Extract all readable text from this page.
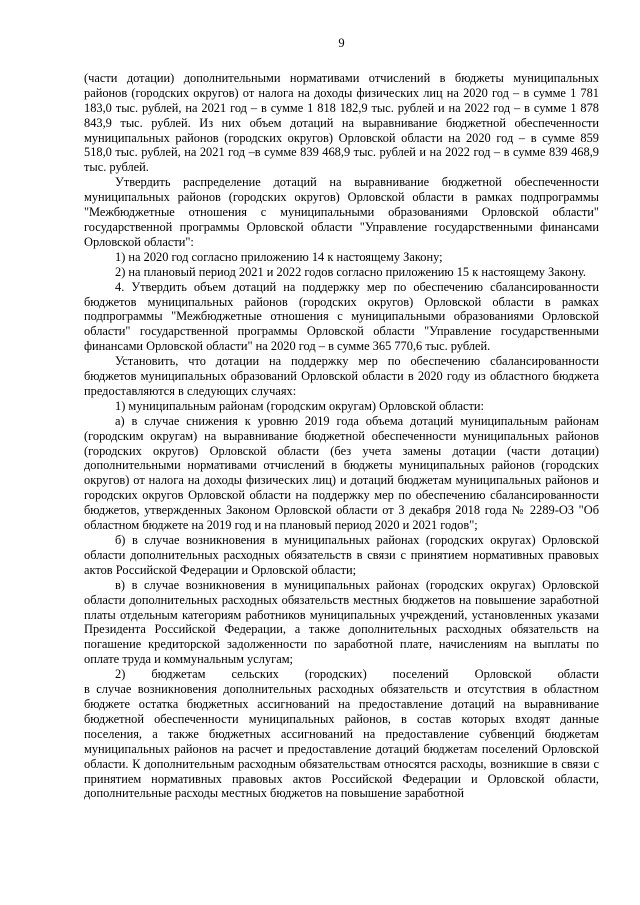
9

(части дотации) дополнительными нормативами отчислений в бюджеты муниципальных районов (городских округов) от налога на доходы физических лиц на 2020 год – в сумме 1 781 183,0 тыс. рублей, на 2021 год – в сумме 1 818 182,9 тыс. рублей и на 2022 год – в сумме 1 878 843,9 тыс. рублей. Из них объем дотаций на выравнивание бюджетной обеспеченности муниципальных районов (городских округов) Орловской области на 2020 год – в сумме 859 518,0 тыс. рублей, на 2021 год –в сумме 839 468,9 тыс. рублей и на 2022 год – в сумме 839 468,9 тыс. рублей.

Утвердить распределение дотаций на выравнивание бюджетной обеспеченности муниципальных районов (городских округов) Орловской области в рамках подпрограммы "Межбюджетные отношения с муниципальными образованиями Орловской области" государственной программы Орловской области "Управление государственными финансами Орловской области":

1) на 2020 год согласно приложению 14 к настоящему Закону;

2) на плановый период 2021 и 2022 годов согласно приложению 15 к настоящему Закону.

4. Утвердить объем дотаций на поддержку мер по обеспечению сбалансированности бюджетов муниципальных районов (городских округов) Орловской области в рамках подпрограммы "Межбюджетные отношения с муниципальными образованиями Орловской области" государственной программы Орловской области "Управление государственными финансами Орловской области" на 2020 год – в сумме 365 770,6 тыс. рублей.

Установить, что дотации на поддержку мер по обеспечению сбалансированности бюджетов муниципальных образований Орловской области в 2020 году из областного бюджета предоставляются в следующих случаях:

1) муниципальным районам (городским округам) Орловской области:

а) в случае снижения к уровню 2019 года объема дотаций муниципальным районам (городским округам) на выравнивание бюджетной обеспеченности муниципальных районов (городских округов) Орловской области (без учета замены дотации (части дотации) дополнительными нормативами отчислений в бюджеты муниципальных районов (городских округов) от налога на доходы физических лиц) и дотаций бюджетам муниципальных районов и городских округов Орловской области на поддержку мер по обеспечению сбалансированности бюджетов, утвержденных Законом Орловской области от 3 декабря 2018 года № 2289-ОЗ "Об областном бюджете на 2019 год и на плановый период 2020 и 2021 годов";

б) в случае возникновения в муниципальных районах (городских округах) Орловской области дополнительных расходных обязательств в связи с принятием нормативных правовых актов Российской Федерации и Орловской области;

в) в случае возникновения в муниципальных районах (городских округах) Орловской области дополнительных расходных обязательств местных бюджетов на повышение заработной платы отдельным категориям работников муниципальных учреждений, установленных указами Президента Российской Федерации, а также дополнительных расходных обязательств на погашение кредиторской задолженности по заработной плате, начислениям на выплаты по оплате труда и коммунальным услугам;

2) бюджетам сельских (городских) поселений Орловской области

в случае возникновения дополнительных расходных обязательств и отсутствия в областном бюджете остатка бюджетных ассигнований на предоставление дотаций на выравнивание бюджетной обеспеченности муниципальных районов, в состав которых входят данные поселения, а также бюджетных ассигнований на предоставление субвенций бюджетам муниципальных районов на расчет и предоставление дотаций бюджетам поселений Орловской области. К дополнительным расходным обязательствам относятся расходы, возникшие в связи с принятием нормативных правовых актов Российской Федерации и Орловской области, дополнительные расходы местных бюджетов на повышение заработной
